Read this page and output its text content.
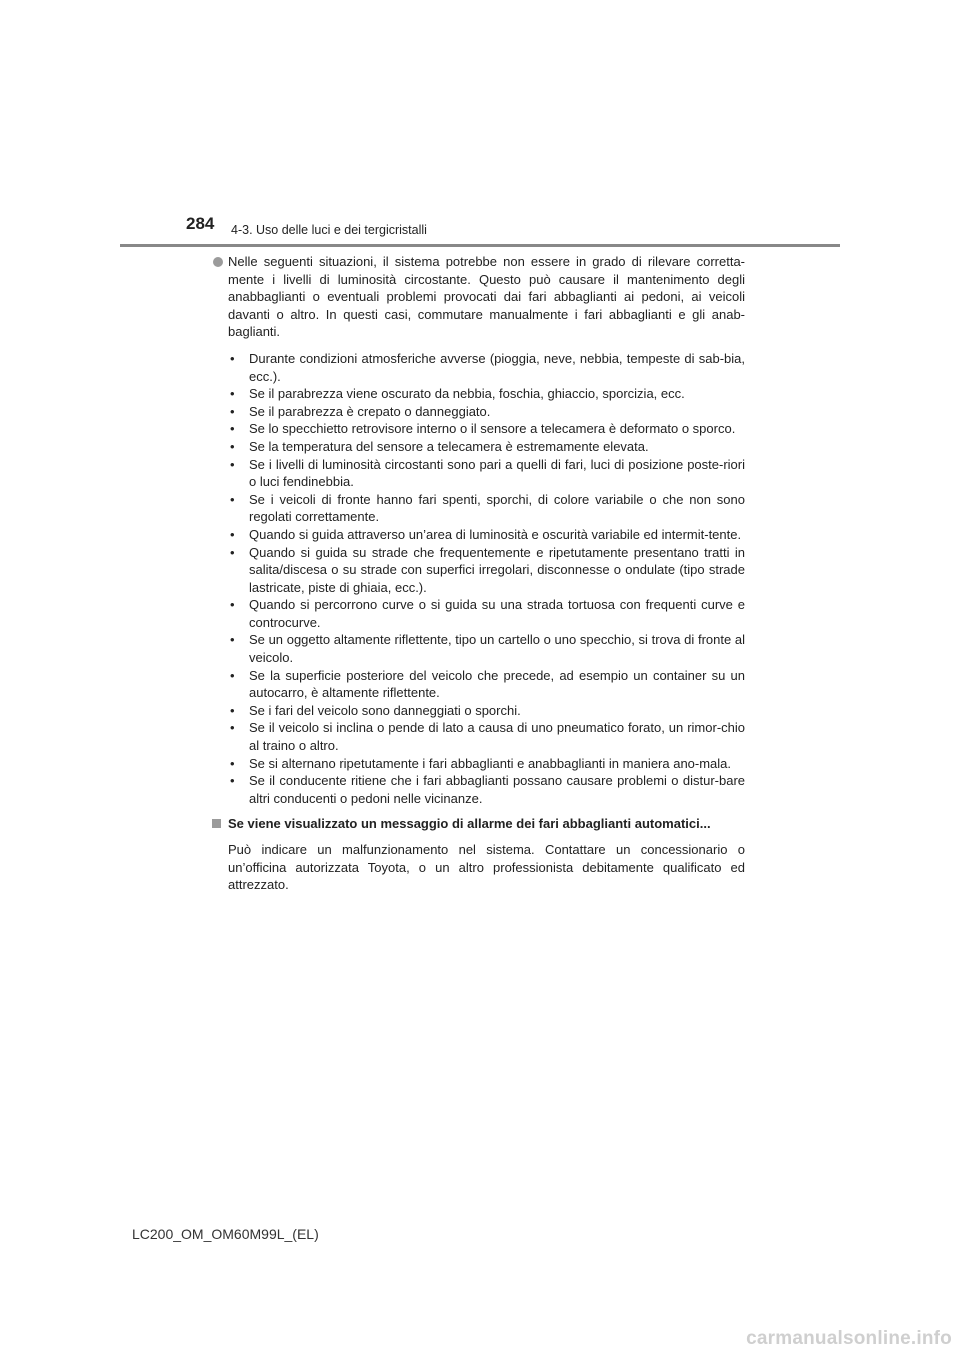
284 4-3. Uso delle luci e dei tergicristalli

Nelle seguenti situazioni, il sistema potrebbe non essere in grado di rilevare corretta-mente i livelli di luminosità circostante. Questo può causare il mantenimento degli anabbaglianti o eventuali problemi provocati dai fari abbaglianti ai pedoni, ai veicoli davanti o altro. In questi casi, commutare manualmente i fari abbaglianti e gli anab-baglianti.

• Durante condizioni atmosferiche avverse (pioggia, neve, nebbia, tempeste di sab-bia, ecc.).
• Se il parabrezza viene oscurato da nebbia, foschia, ghiaccio, sporcizia, ecc.
• Se il parabrezza è crepato o danneggiato.
• Se lo specchietto retrovisore interno o il sensore a telecamera è deformato o sporco.
• Se la temperatura del sensore a telecamera è estremamente elevata.
• Se i livelli di luminosità circostanti sono pari a quelli di fari, luci di posizione poste-riori o luci fendinebbia.
• Se i veicoli di fronte hanno fari spenti, sporchi, di colore variabile o che non sono regolati correttamente.
• Quando si guida attraverso un’area di luminosità e oscurità variabile ed intermit-tente.
• Quando si guida su strade che frequentemente e ripetutamente presentano tratti in salita/discesa o su strade con superfici irregolari, disconnesse o ondulate (tipo strade lastricate, piste di ghiaia, ecc.).
• Quando si percorrono curve o si guida su una strada tortuosa con frequenti curve e controcurve.
• Se un oggetto altamente riflettente, tipo un cartello o uno specchio, si trova di fronte al veicolo.
• Se la superficie posteriore del veicolo che precede, ad esempio un container su un autocarro, è altamente riflettente.
• Se i fari del veicolo sono danneggiati o sporchi.
• Se il veicolo si inclina o pende di lato a causa di uno pneumatico forato, un rimor-chio al traino o altro.
• Se si alternano ripetutamente i fari abbaglianti e anabbaglianti in maniera ano-mala.
• Se il conducente ritiene che i fari abbaglianti possano causare problemi o distur-bare altri conducenti o pedoni nelle vicinanze.
Se viene visualizzato un messaggio di allarme dei fari abbaglianti automatici...

Può indicare un malfunzionamento nel sistema. Contattare un concessionario o un’officina autorizzata Toyota, o un altro professionista debitamente qualificato ed attrezzato.

LC200_OM_OM60M99L_(EL)
carmanualsonline.info
